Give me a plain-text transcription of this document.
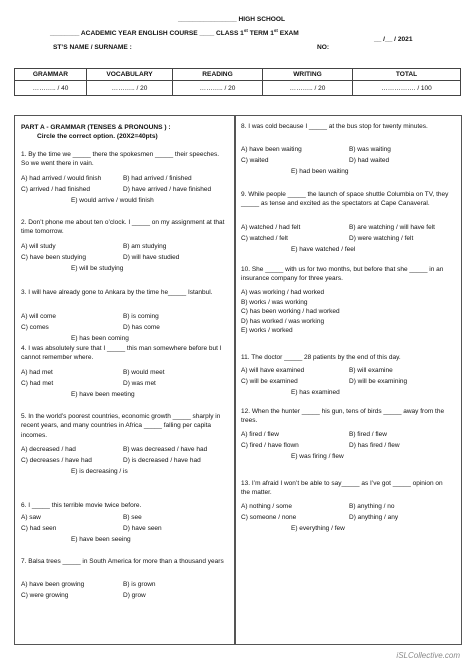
________________ HIGH SCHOOL
________ ACADEMIC YEAR ENGLISH COURSE ____ CLASS 1st TERM 1st EXAM
__ /__ / 2021
ST’S NAME / SURNAME :	NO:
GRAMMAR	VOCABULARY	READING	WRITING	TOTAL
……….. / 40	……….. / 20	……….. / 20	……….. / 20	……………. / 100
PART A - GRAMMAR (TENSES & PRONOUNS ) :
Circle the correct option. (20X2=40pts)
1. By the time we _____ there the spokesmen _____ their speeches. So we went there in vain.
A) had arrived / would finish	B) had arrived / finished
C) arrived / had finished	D) have arrived / have finished
E) would arrive / would finish
2. Don’t phone me about ten o’clock. I _____ on my assignment at that time tomorrow.
A) will study	B) am studying
C) have been studying	D) will have studied
E) will be studying
3. I will have already gone to Ankara by the time he_____ Istanbul.
A) will come	B) is coming
C) comes	D) has come
E) has been coming
4. I was absolutely sure that I _____ this man somewhere before but I cannot remember where.
A) had met	B) would meet
C) had met	D) was met
E) have been meeting
5. In the world’s poorest countries, economic growth _____ sharply in recent years, and many countries in Africa _____ falling per capita incomes.
A) decreased / had	B) was decreased / have had
C) decreases / have had	D) is decreased / have had
E) is decreasing / is
6. I _____ this terrible movie twice before.
A) saw	B) see
C) had seen	D) have seen
E) have been seeing
7. Balsa trees _____ in South America for more than a thousand years
A) have been growing	B) is grown
C) were growing	D) grow
8. I was cold because I _____ at the bus stop for twenty minutes.
A) have been waiting	B) was waiting
C) waited	D) had waited
E) had been waiting
9. While people _____ the launch of space shuttle Columbia on TV, they _____ as tense and excited as the spectators at Cape Canaveral.
A) watched / had felt	B) are watching / will have felt
C) watched / felt	D) were watching / felt
E) have watched / feel
10. She _____ with us for two months, but before that she _____ in an insurance company for three years.
A) was working / had worked
B) works / was working
C) has been working / had worked
D) has worked / was working
E) works / worked
11. The doctor _____ 28 patients by the end of this day.
A) will have examined	B) will examine
C) will be examined	D) will be examining
E) has examined
12. When the hunter _____ his gun, tens of birds _____ away from the trees.
A) fired / flew	B) fired / flew
C) fired / have flown	D) has fired / flew
E) was firing / flew
13. I’m afraid I won’t be able to say_____ as I’ve got _____ opinion on the matter.
A) nothing / some	B) anything / no
C) someone / none	D) anything / any
E) everything / few
iSLCollective.com
